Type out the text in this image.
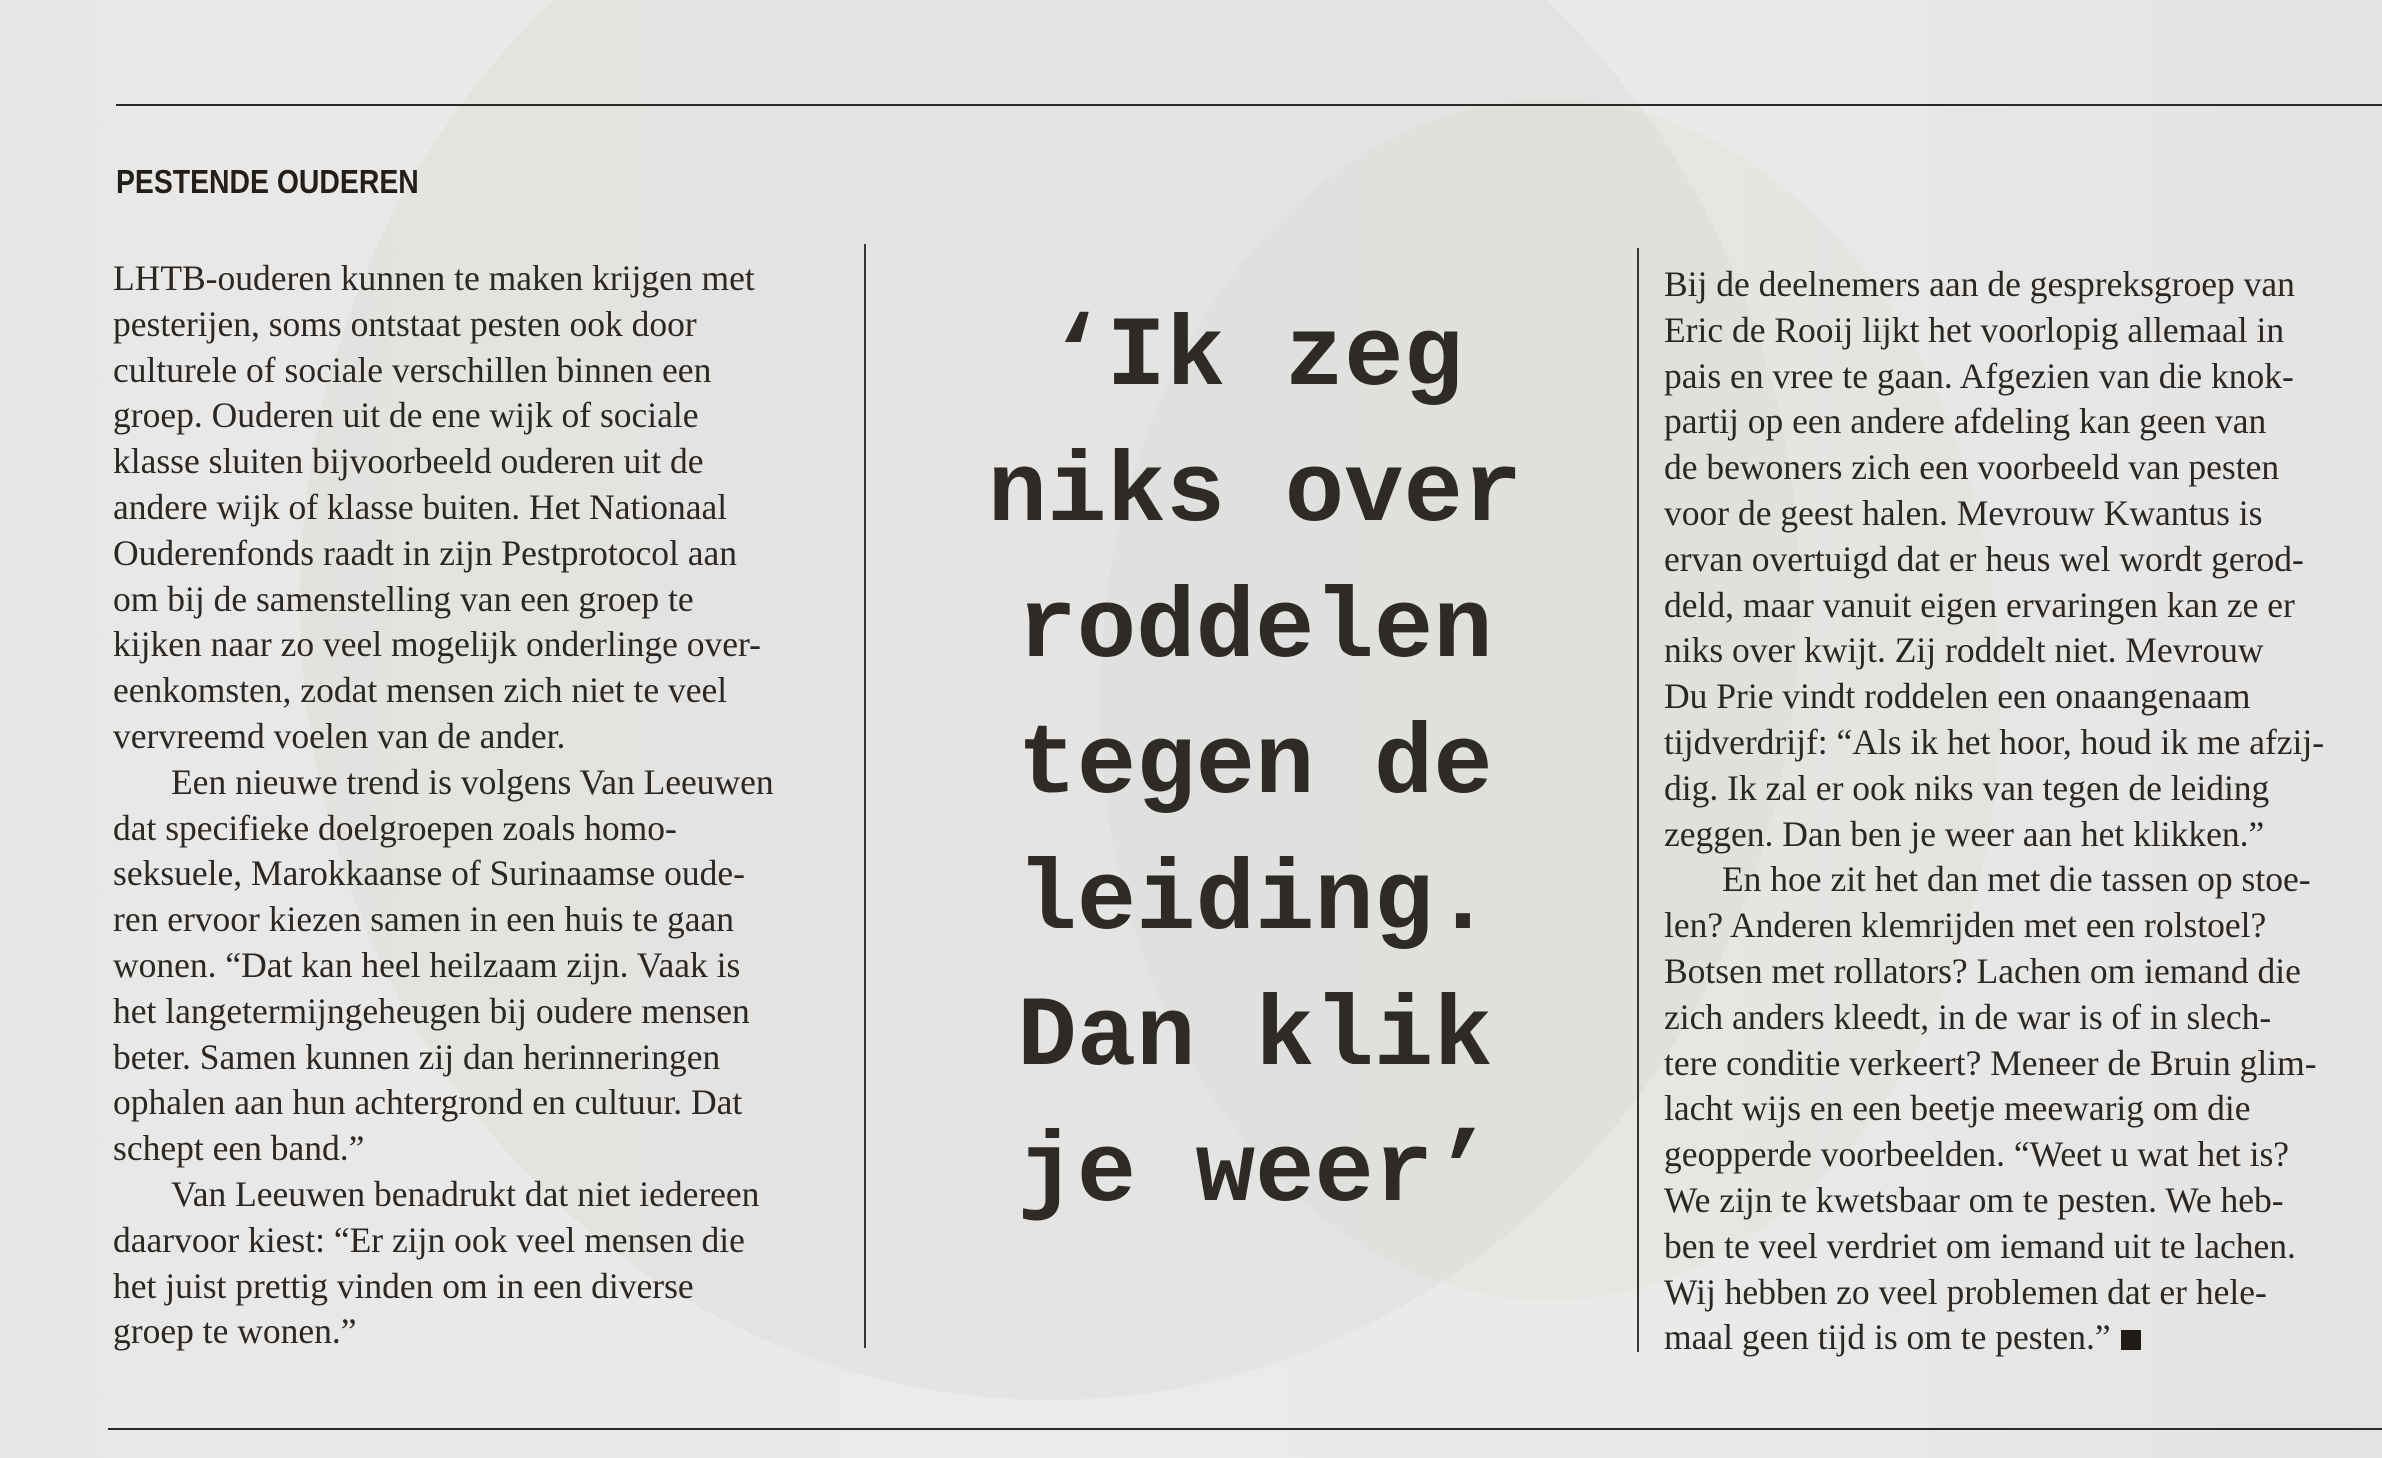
PESTENDE OUDEREN

LHTB-ouderen kunnen te maken krijgen met

pesterijen, soms ontstaat pesten ook door

culturele of sociale verschillen binnen een

groep. Ouderen uit de ene wijk of sociale

klasse sluiten bijvoorbeeld ouderen uit de

andere wijk of klasse buiten. Het Nationaal

Ouderenfonds raadt in zijn Pestprotocol aan

om bij de samenstelling van een groep te

kijken naar zo veel mogelijk onderlinge over-

eenkomsten, zodat mensen zich niet te veel

vervreemd voelen van de ander.

Een nieuwe trend is volgens Van Leeuwen

dat specifieke doelgroepen zoals homo-

seksuele, Marokkaanse of Surinaamse oude-

ren ervoor kiezen samen in een huis te gaan

wonen. “Dat kan heel heilzaam zijn. Vaak is

het langetermijngeheugen bij oudere mensen

beter. Samen kunnen zij dan herinneringen

ophalen aan hun achtergrond en cultuur. Dat

schept een band.”

Van Leeuwen benadrukt dat niet iedereen

daarvoor kiest: “Er zijn ook veel mensen die

het juist prettig vinden om in een diverse

groep te wonen.”

‘Ik zeg
niks over
roddelen
tegen de
leiding.
Dan klik
je weer’

Bij de deelnemers aan de gespreksgroep van

Eric de Rooij lijkt het voorlopig allemaal in

pais en vree te gaan. Afgezien van die knok-

partij op een andere afdeling kan geen van

de bewoners zich een voorbeeld van pesten

voor de geest halen. Mevrouw Kwantus is

ervan overtuigd dat er heus wel wordt gerod-

deld, maar vanuit eigen ervaringen kan ze er

niks over kwijt. Zij roddelt niet. Mevrouw

Du Prie vindt roddelen een onaangenaam

tijdverdrijf: “Als ik het hoor, houd ik me afzij-

dig. Ik zal er ook niks van tegen de leiding

zeggen. Dan ben je weer aan het klikken.”

En hoe zit het dan met die tassen op stoe-

len? Anderen klemrijden met een rolstoel?

Botsen met rollators? Lachen om iemand die

zich anders kleedt, in de war is of in slech-

tere conditie verkeert? Meneer de Bruin glim-

lacht wijs en een beetje meewarig om die

geopperde voorbeelden. “Weet u wat het is?

We zijn te kwetsbaar om te pesten. We heb-

ben te veel verdriet om iemand uit te lachen.

Wij hebben zo veel problemen dat er hele-

maal geen tijd is om te pesten.”
